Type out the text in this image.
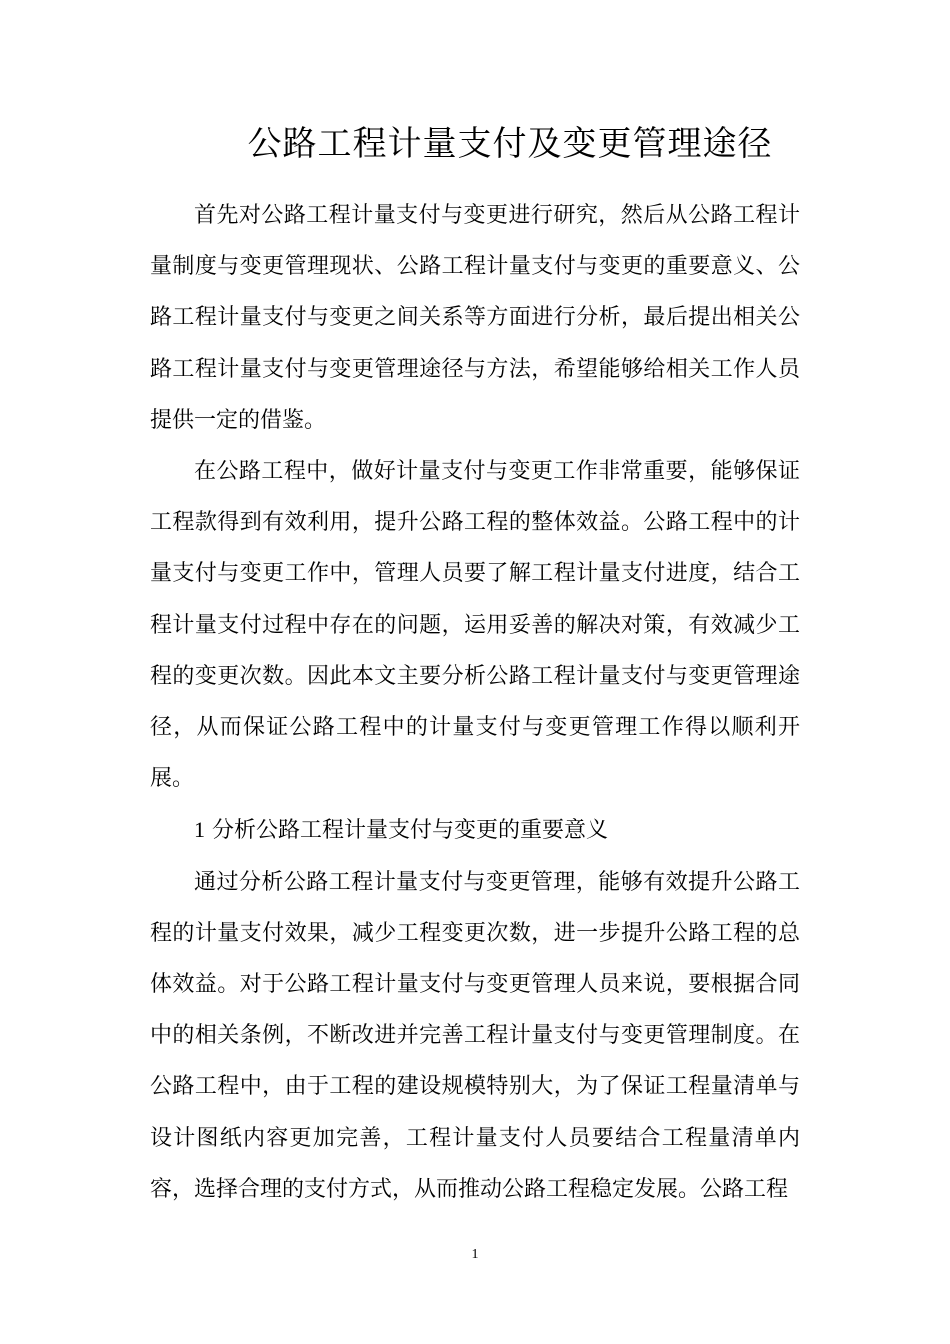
公路工程计量支付及变更管理途径

首先对公路工程计量支付与变更进行研究，然后从公路工程计量制度与变更管理现状、公路工程计量支付与变更的重要意义、公路工程计量支付与变更之间关系等方面进行分析，最后提出相关公路工程计量支付与变更管理途径与方法，希望能够给相关工作人员提供一定的借鉴。

在公路工程中，做好计量支付与变更工作非常重要，能够保证工程款得到有效利用，提升公路工程的整体效益。公路工程中的计量支付与变更工作中，管理人员要了解工程计量支付进度，结合工程计量支付过程中存在的问题，运用妥善的解决对策，有效减少工程的变更次数。因此本文主要分析公路工程计量支付与变更管理途径，从而保证公路工程中的计量支付与变更管理工作得以顺利开展。

1 分析公路工程计量支付与变更的重要意义

通过分析公路工程计量支付与变更管理，能够有效提升公路工程的计量支付效果，减少工程变更次数，进一步提升公路工程的总体效益。对于公路工程计量支付与变更管理人员来说，要根据合同中的相关条例，不断改进并完善工程计量支付与变更管理制度。在公路工程中，由于工程的建设规模特别大，为了保证工程量清单与设计图纸内容更加完善，工程计量支付人员要结合工程量清单内容，选择合理的支付方式，从而推动公路工程稳定发展。公路工程

1
